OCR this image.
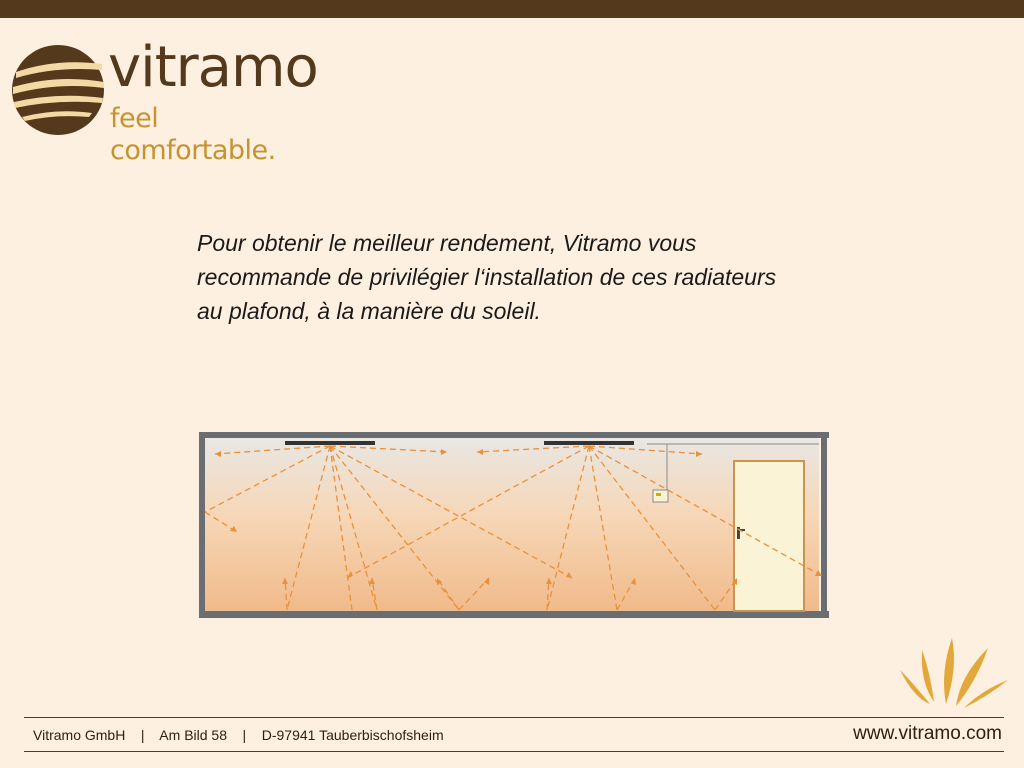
vitramo
feel comfortable.
Pour obtenir le meilleur rendement, Vitramo vous
recommande de privilégier l‘installation de ces radiateurs
au plafond, à la manière du soleil.
Vitramo GmbH    |    Am Bild 58    |    D-97941 Tauberbischofsheim	www.vitramo.com
